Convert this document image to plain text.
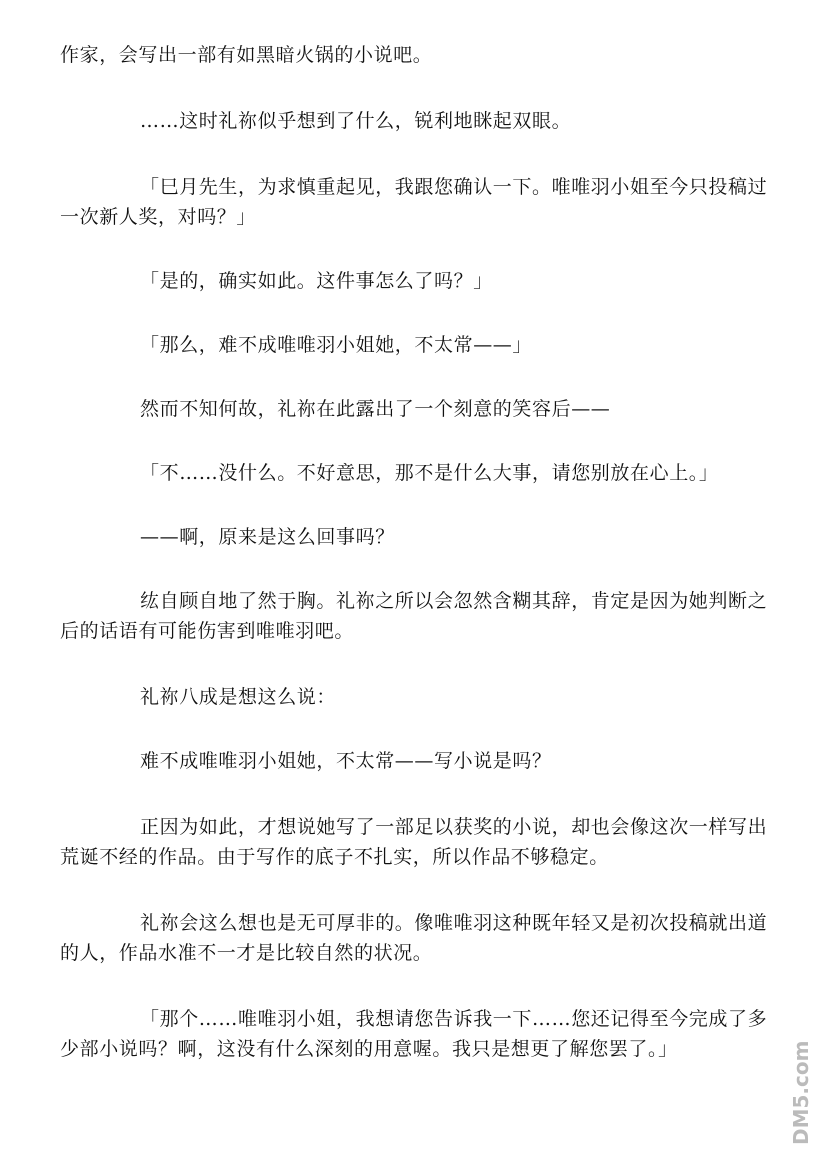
作家，会写出一部有如黑暗火锅的小说吧。

……这时礼祢似乎想到了什么，锐利地眯起双眼。

「巳月先生，为求慎重起见，我跟您确认一下。唯唯羽小姐至今只投稿过一次新人奖，对吗？」

「是的，确实如此。这件事怎么了吗？」

「那么，难不成唯唯羽小姐她，不太常——」

然而不知何故，礼祢在此露出了一个刻意的笑容后——

「不……没什么。不好意思，那不是什么大事，请您别放在心上。」

——啊，原来是这么回事吗？

纮自顾自地了然于胸。礼祢之所以会忽然含糊其辞，肯定是因为她判断之后的话语有可能伤害到唯唯羽吧。

礼祢八成是想这么说：

难不成唯唯羽小姐她，不太常——写小说是吗？

正因为如此，才想说她写了一部足以获奖的小说，却也会像这次一样写出荒诞不经的作品。由于写作的底子不扎实，所以作品不够稳定。

礼祢会这么想也是无可厚非的。像唯唯羽这种既年轻又是初次投稿就出道的人，作品水准不一才是比较自然的状况。

「那个……唯唯羽小姐，我想请您告诉我一下……您还记得至今完成了多少部小说吗？啊，这没有什么深刻的用意喔。我只是想更了解您罢了。」	DM5.com
